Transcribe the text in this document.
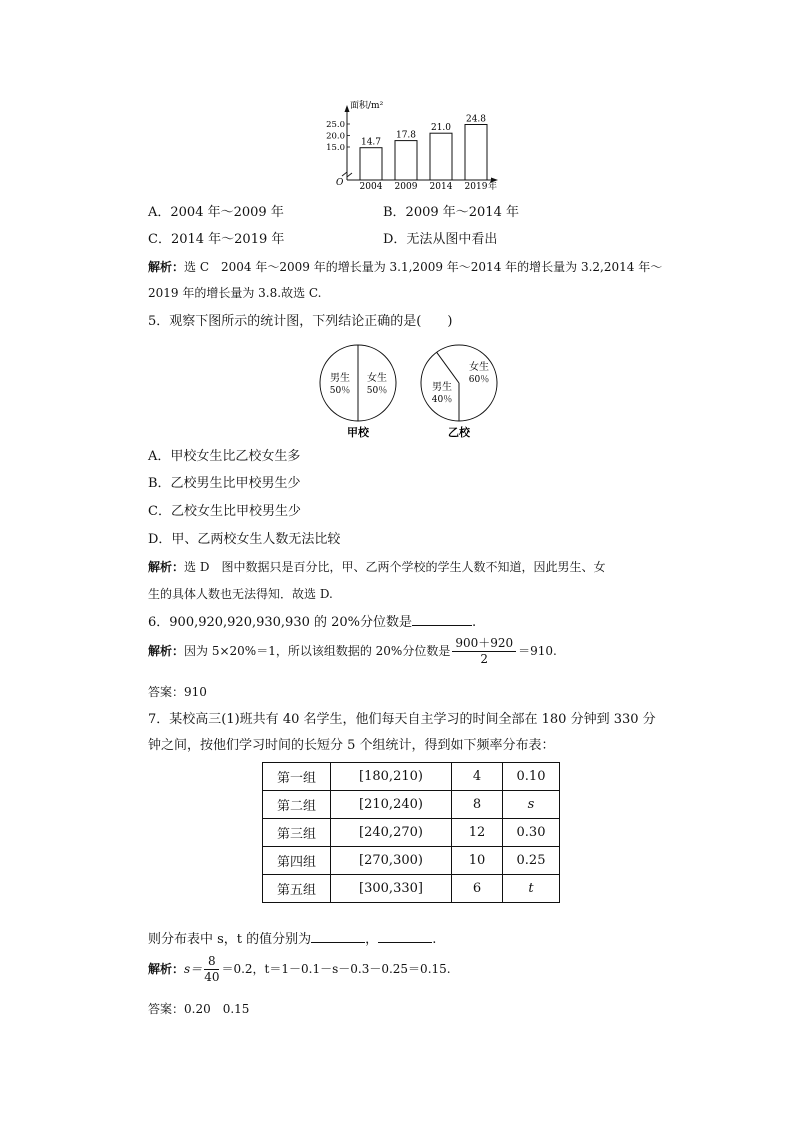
面积/m²
O	年
15.0
20.0
25.0
14.7
2004
17.8
2009
21.0
2014
24.8
2019
A．2004 年～2009 年	B．2009 年～2014 年
C．2014 年～2019 年	D．无法从图中看出
解析：选 C　2004 年～2009 年的增长量为 3.1,2009 年～2014 年的增长量为 3.2,2014 年～
2019 年的增长量为 3.8.故选 C.
5．观察下图所示的统计图，下列结论正确的是(　　)
男生
50％
女生
50％
甲校
男生
40％
女生
60％
乙校
A．甲校女生比乙校女生多
B．乙校男生比甲校男生少
C．乙校女生比甲校男生少
D．甲、乙两校女生人数无法比较
解析：选 D　图中数据只是百分比，甲、乙两个学校的学生人数不知道，因此男生、女
生的具体人数也无法得知．故选 D.
6．900,920,920,930,930 的 20%分位数是	.
解析：因为 5×20%＝1，所以该组数据的 20%分位数是 $\frac{900+920}{2} =910$.
答案：910
7．某校高三(1)班共有 40 名学生，他们每天自主学习的时间全部在 180 分钟到 330 分
钟之间，按他们学习时间的长短分 5 个组统计，得到如下频率分布表：
第一组	[180,210)	4	0.10
第二组	[210,240)	8	s
第三组	[240,270)	12	0.30
第四组	[270,300)	10	0.25
第五组	[300,330]	6	t
则分布表中 s，t 的值分别为	，	.
解析：$s= \frac{8}{40} =0.2$，t＝1－0.1－s－0.3－0.25＝0.15.
答案：0.20　0.15
